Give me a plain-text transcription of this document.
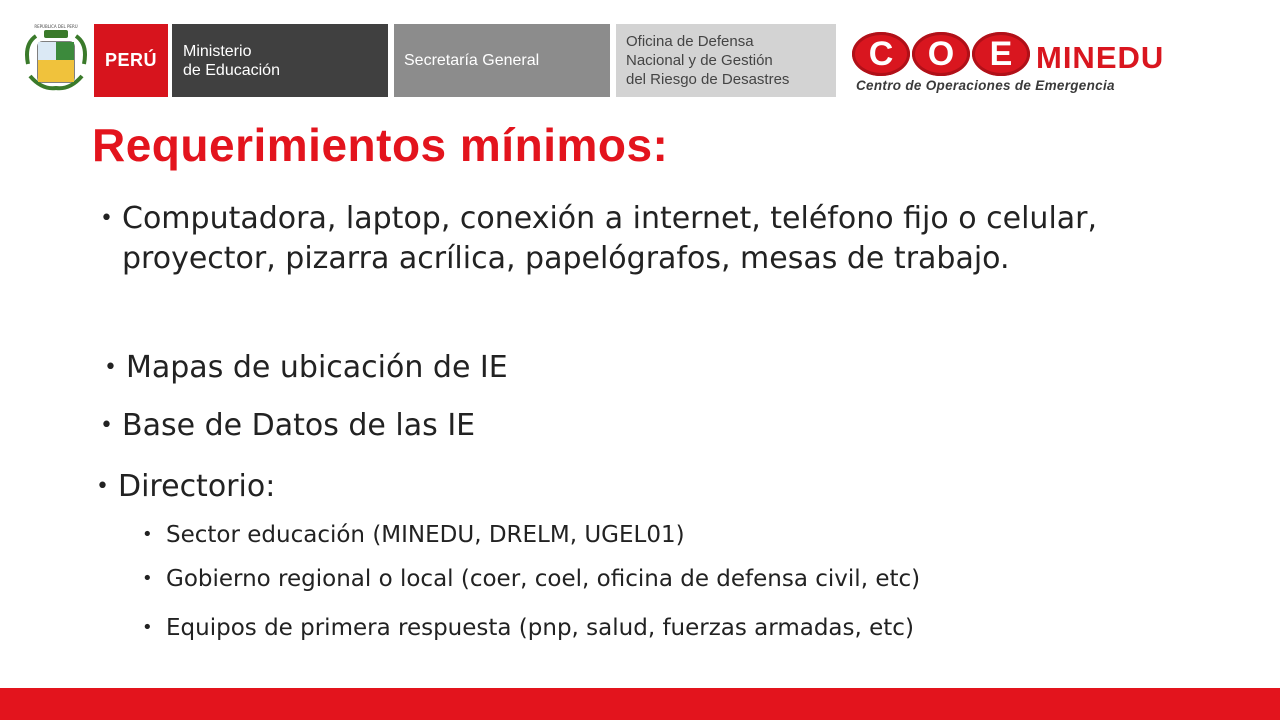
REPÚBLICA DEL PERÚ
PERÚ	Ministerio
de Educación
Secretaría General
Oficina de Defensa
Nacional y de Gestión
del Riesgo de Desastres
C	O	E MINEDU
Centro de Operaciones de Emergencia
Requerimientos mínimos:
• Computadora, laptop, conexión a internet, teléfono fijo o celular, proyector, pizarra acrílica, papelógrafos, mesas de trabajo.
• Mapas de ubicación de IE
• Base de Datos de las IE
• Directorio:
• Sector educación (MINEDU, DRELM, UGEL01)
• Gobierno regional o local (coer, coel, oficina de defensa civil, etc)
• Equipos de primera respuesta (pnp, salud, fuerzas armadas, etc)
